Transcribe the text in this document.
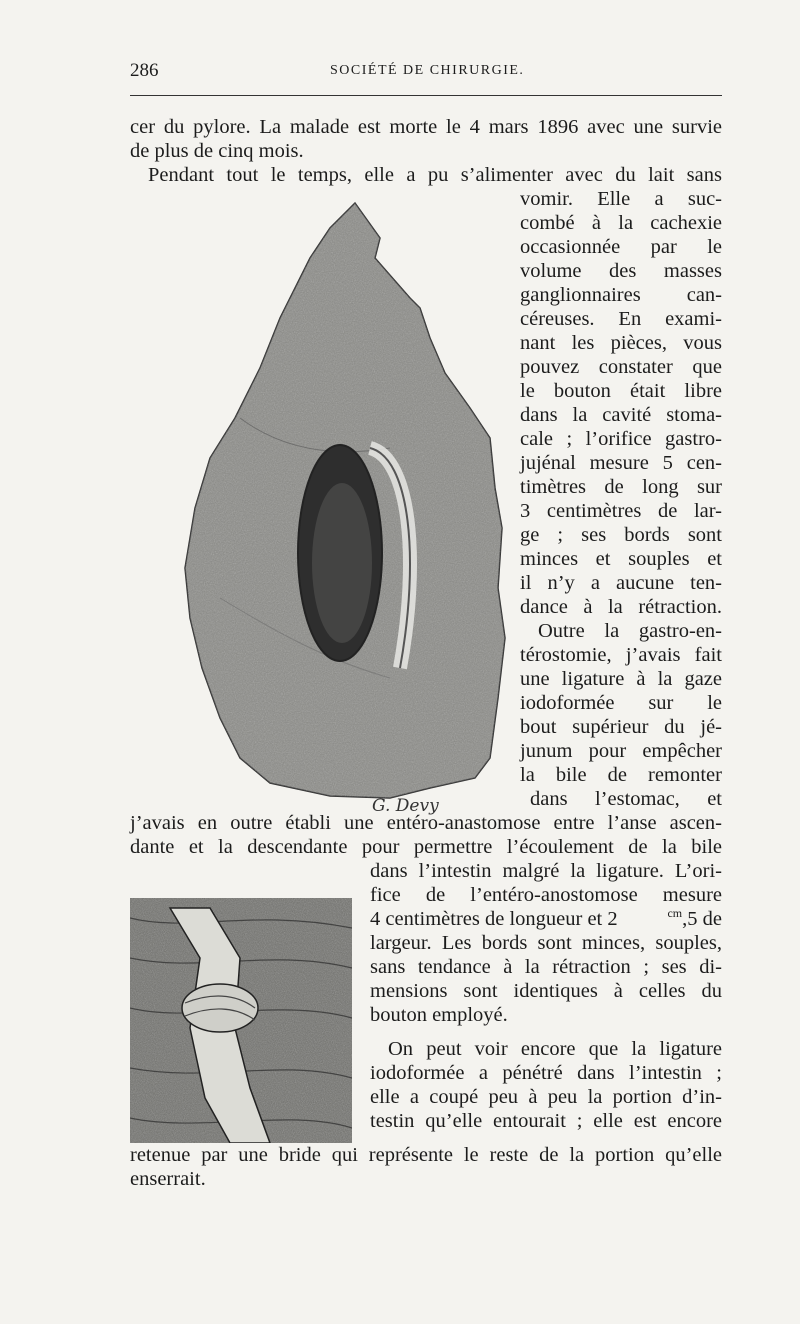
286	SOCIÉTÉ DE CHIRURGIE.
G. Devy
cer du pylore. La malade est morte le 4 mars 1896 avec une survie
de plus de cinq mois.
Pendant tout le temps, elle a pu s’alimenter avec du lait sans
vomir. Elle a suc-
combé à la cachexie
occasionnée par le
volume des masses
ganglionnaires can-
céreuses. En exami-
nant les pièces, vous
pouvez constater que
le bouton était libre
dans la cavité stoma-
cale ; l’orifice gastro-
jujénal mesure 5 cen-
timètres de long sur
3 centimètres de lar-
ge ; ses bords sont
minces et souples et
il n’y a aucune ten-
dance à la rétraction.
Outre la gastro-en-
térostomie, j’avais fait
une ligature à la gaze
iodoformée sur le
bout supérieur du jé-
junum pour empêcher
la bile de remonter
dans l’estomac, et
j’avais en outre établi une entéro-anastomose entre l’anse ascen-
dante et la descendante pour permettre l’écoulement de la bile
dans l’intestin malgré la ligature. L’ori-
fice de l’entéro-anostomose mesure
4 centimètres de longueur et 2	$^{cm}$,5 de
largeur. Les bords sont minces, souples,
sans tendance à la rétraction ; ses di-
mensions sont identiques à celles du
bouton employé.
On peut voir encore que la ligature
iodoformée a pénétré dans l’intestin ;
elle a coupé peu à peu la portion d’in-
testin qu’elle entourait ; elle est encore
retenue par une bride qui représente le reste de la portion qu’elle
enserrait.
